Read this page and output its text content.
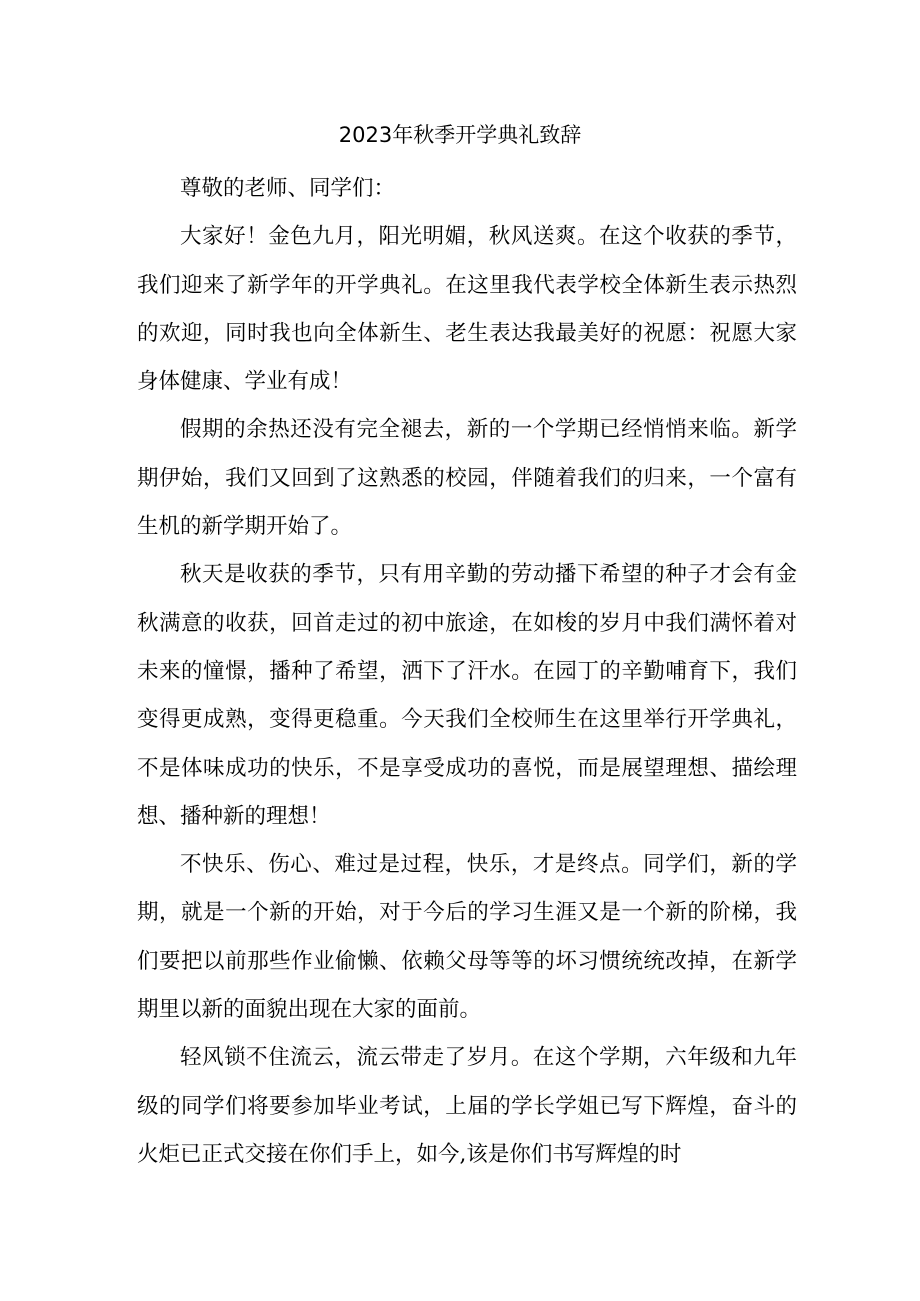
2023年秋季开学典礼致辞

尊敬的老师、同学们：

大家好！金色九月，阳光明媚，秋风送爽。在这个收获的季节，我们迎来了新学年的开学典礼。在这里我代表学校全体新生表示热烈的欢迎，同时我也向全体新生、老生表达我最美好的祝愿：祝愿大家身体健康、学业有成！

假期的余热还没有完全褪去，新的一个学期已经悄悄来临。新学期伊始，我们又回到了这熟悉的校园，伴随着我们的归来，一个富有生机的新学期开始了。

秋天是收获的季节，只有用辛勤的劳动播下希望的种子才会有金秋满意的收获，回首走过的初中旅途，在如梭的岁月中我们满怀着对未来的憧憬，播种了希望，洒下了汗水。在园丁的辛勤哺育下，我们变得更成熟，变得更稳重。今天我们全校师生在这里举行开学典礼，不是体味成功的快乐，不是享受成功的喜悦，而是展望理想、描绘理想、播种新的理想！

不快乐、伤心、难过是过程，快乐，才是终点。同学们，新的学期，就是一个新的开始，对于今后的学习生涯又是一个新的阶梯，我们要把以前那些作业偷懒、依赖父母等等的坏习惯统统改掉，在新学期里以新的面貌出现在大家的面前。

轻风锁不住流云，流云带走了岁月。在这个学期，六年级和九年级的同学们将要参加毕业考试，上届的学长学姐已写下辉煌，奋斗的火炬已正式交接在你们手上，如今,该是你们书写辉煌的时
